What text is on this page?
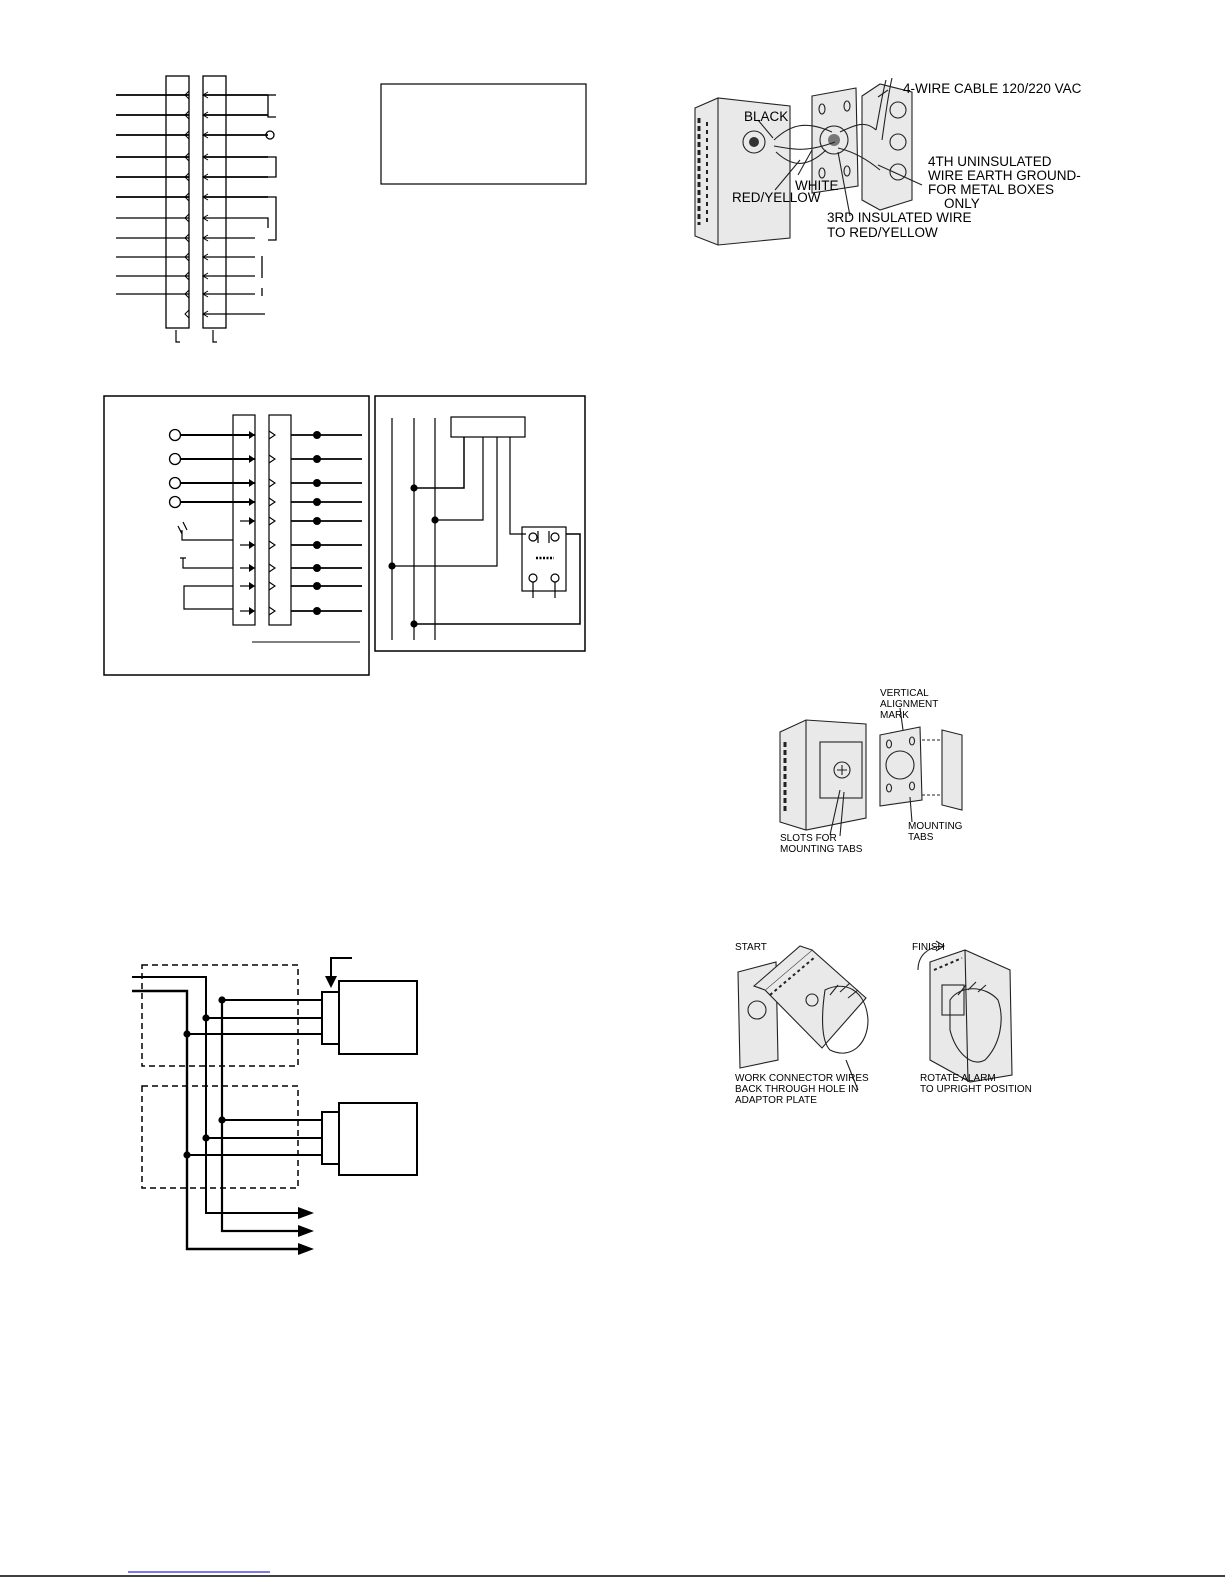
4-WIRE CABLE 120/220 VAC
BLACK
WHITE
RED/YELLOW
4TH UNINSULATED
WIRE EARTH GROUND-
FOR METAL BOXES
ONLY
3RD INSULATED WIRE
TO RED/YELLOW
VERTICAL
ALIGNMENT
MARK
SLOTS FOR
MOUNTING TABS
MOUNTING
TABS
START	FINISH
WORK CONNECTOR WIRES
BACK THROUGH HOLE IN
ADAPTOR PLATE
ROTATE ALARM
TO UPRIGHT POSITION
